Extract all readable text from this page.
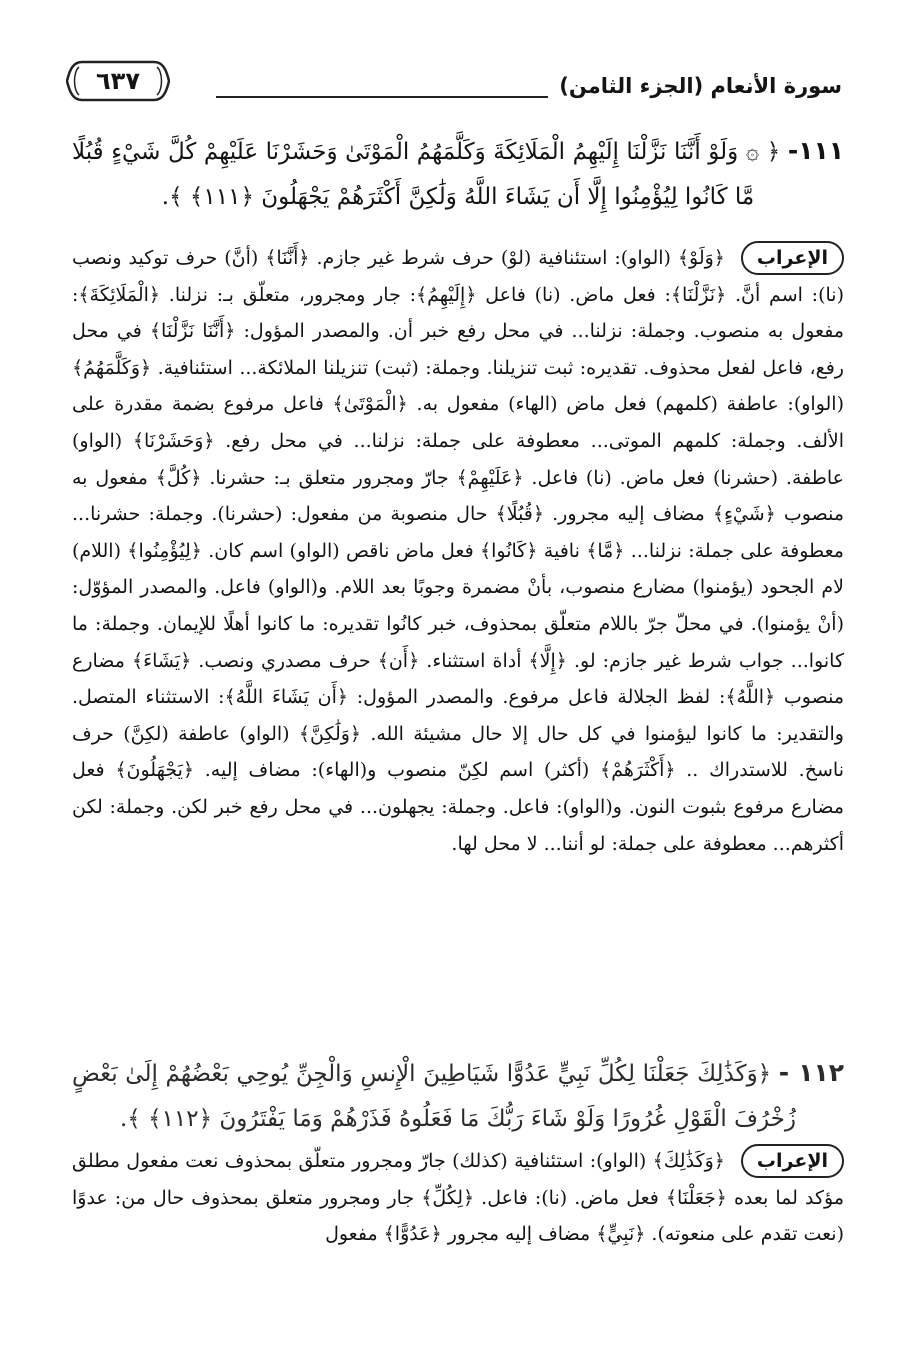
سورة الأنعام (الجزء الثامن)
٦٣٧
١١١- ﴿ ۞ وَلَوْ أَنَّنَا نَزَّلْنَا إِلَيْهِمُ الْمَلَائِكَةَ وَكَلَّمَهُمُ الْمَوْتَىٰ وَحَشَرْنَا عَلَيْهِمْ كُلَّ شَيْءٍ قُبُلًا مَّا كَانُوا لِيُؤْمِنُوا إِلَّا أَن يَشَاءَ اللَّهُ وَلَٰكِنَّ أَكْثَرَهُمْ يَجْهَلُونَ ﴿١١١﴾ ﴾.
الإعراب﴿وَلَوْ﴾ (الواو): استئنافية (لوْ) حرف شرط غير جازم. ﴿أَنَّنَا﴾ (أنَّ) حرف توكيد ونصب (نا): اسم أنَّ. ﴿نَزَّلْنَا﴾: فعل ماض. (نا) فاعل ﴿إِلَيْهِمُ﴾: جار ومجرور، متعلّق بـ: نزلنا. ﴿الْمَلَائِكَةَ﴾: مفعول به منصوب. وجملة: نزلنا... في محل رفع خبر أن. والمصدر المؤول: ﴿أَنَّنَا نَزَّلْنَا﴾ في محل رفع، فاعل لفعل محذوف. تقديره: ثبت تنزيلنا. وجملة: (ثبت) تنزيلنا الملائكة... استئنافية. ﴿وَكَلَّمَهُمُ﴾ (الواو): عاطفة (كلمهم) فعل ماض (الهاء) مفعول به. ﴿الْمَوْتَىٰ﴾ فاعل مرفوع بضمة مقدرة على الألف. وجملة: كلمهم الموتى... معطوفة على جملة: نزلنا... في محل رفع. ﴿وَحَشَرْنَا﴾ (الواو) عاطفة. (حشرنا) فعل ماض. (نا) فاعل. ﴿عَلَيْهِمْ﴾ جارّ ومجرور متعلق بـ: حشرنا. ﴿كُلَّ﴾ مفعول به منصوب ﴿شَيْءٍ﴾ مضاف إليه مجرور. ﴿قُبُلًا﴾ حال منصوبة من مفعول: (حشرنا). وجملة: حشرنا... معطوفة على جملة: نزلنا... ﴿مَّا﴾ نافية ﴿كَانُوا﴾ فعل ماض ناقص (الواو) اسم كان. ﴿لِيُؤْمِنُوا﴾ (اللام) لام الجحود (يؤمنوا) مضارع منصوب، بأنْ مضمرة وجوبًا بعد اللام. و(الواو) فاعل. والمصدر المؤوّل: (أنْ يؤمنوا). في محلّ جرّ باللام متعلّق بمحذوف، خبر كانُوا تقديره: ما كانوا أهلًا للإيمان. وجملة: ما كانوا... جواب شرط غير جازم: لو. ﴿إِلَّا﴾ أداة استثناء. ﴿أَن﴾ حرف مصدري ونصب. ﴿يَشَاءَ﴾ مضارع منصوب ﴿اللَّهُ﴾: لفظ الجلالة فاعل مرفوع. والمصدر المؤول: ﴿أَن يَشَاءَ اللَّهُ﴾: الاستثناء المتصل. والتقدير: ما كانوا ليؤمنوا في كل حال إلا حال مشيئة الله. ﴿وَلَٰكِنَّ﴾ (الواو) عاطفة (لكِنَّ) حرف ناسخ. للاستدراك .. ﴿أَكْثَرَهُمْ﴾ (أكثر) اسم لكِنّ منصوب و(الهاء): مضاف إليه. ﴿يَجْهَلُونَ﴾ فعل مضارع مرفوع بثبوت النون. و(الواو): فاعل. وجملة: يجهلون... في محل رفع خبر لكن. وجملة: لكن أكثرهم... معطوفة على جملة: لو أننا... لا محل لها.
١١٢ - ﴿وَكَذَٰلِكَ جَعَلْنَا لِكُلِّ نَبِيٍّ عَدُوًّا شَيَاطِينَ الْإِنسِ وَالْجِنِّ يُوحِي بَعْضُهُمْ إِلَىٰ بَعْضٍ زُخْرُفَ الْقَوْلِ غُرُورًا وَلَوْ شَاءَ رَبُّكَ مَا فَعَلُوهُ فَذَرْهُمْ وَمَا يَفْتَرُونَ ﴿١١٢﴾ ﴾.
الإعراب﴿وَكَذَٰلِكَ﴾ (الواو): استئنافية (كذلك) جارّ ومجرور متعلّق بمحذوف نعت مفعول مطلق مؤكد لما بعده ﴿جَعَلْنَا﴾ فعل ماض. (نا): فاعل. ﴿لِكُلِّ﴾ جار ومجرور متعلق بمحذوف حال من: عدوًا (نعت تقدم على منعوته). ﴿نَبِيٍّ﴾ مضاف إليه مجرور ﴿عَدُوًّا﴾ مفعول
